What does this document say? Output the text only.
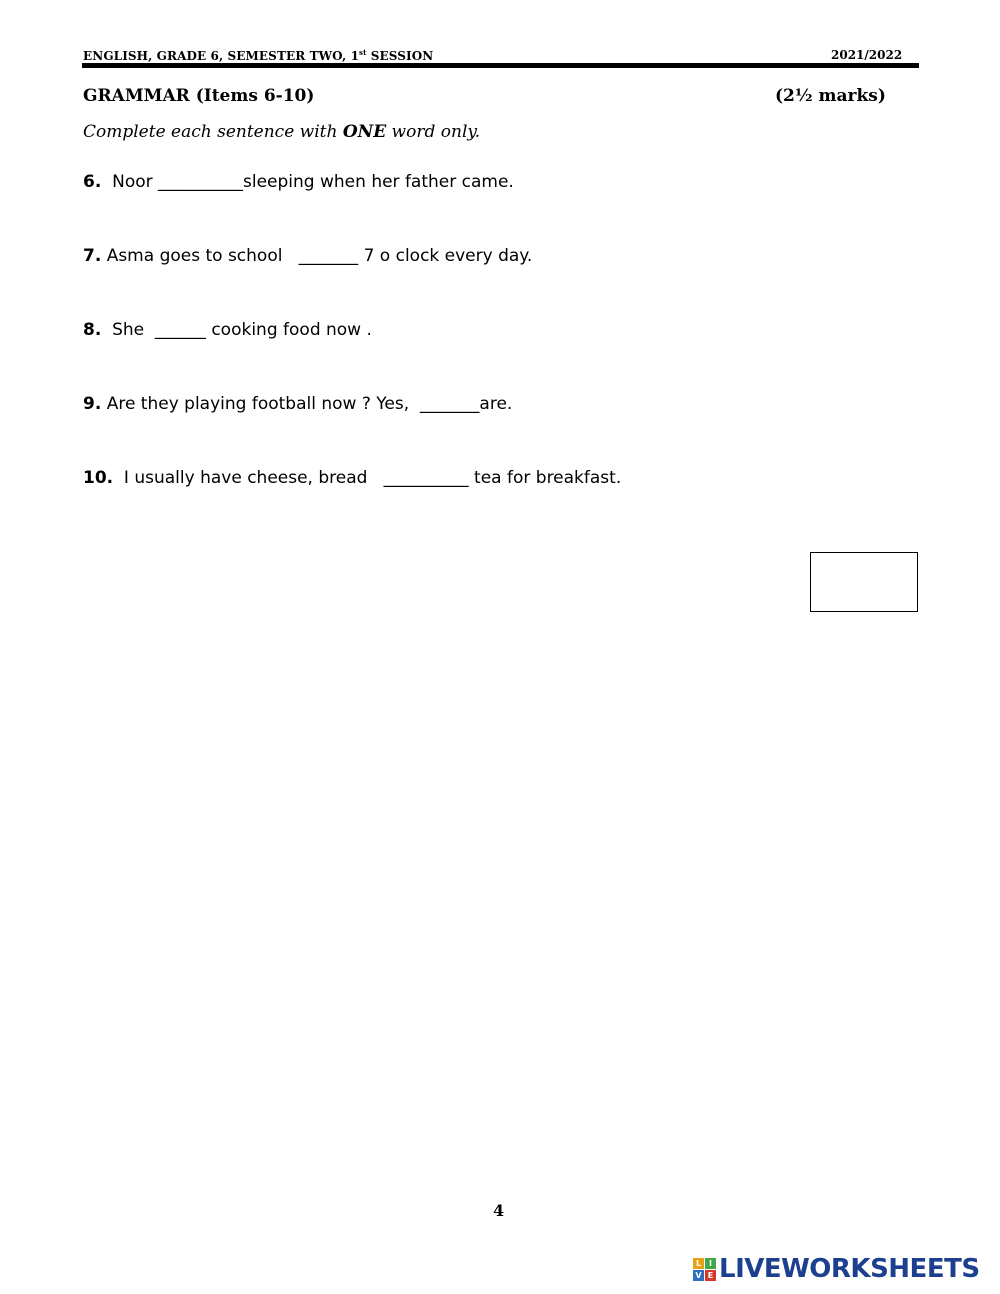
ENGLISH, GRADE 6, SEMESTER TWO, 1st SESSION	2021/2022
GRAMMAR (Items 6-10)	(2½ marks)
Complete each sentence with ONE word only.
6.  Noor __________sleeping when her father came.
7. Asma goes to school   _______ 7 o clock every day.
8.  She  ______ cooking food now .
9. Are they playing football now ? Yes,  _______are.
10.  I usually have cheese, bread   __________ tea for breakfast.
4
L I
V E LIVEWORKSHEETS
